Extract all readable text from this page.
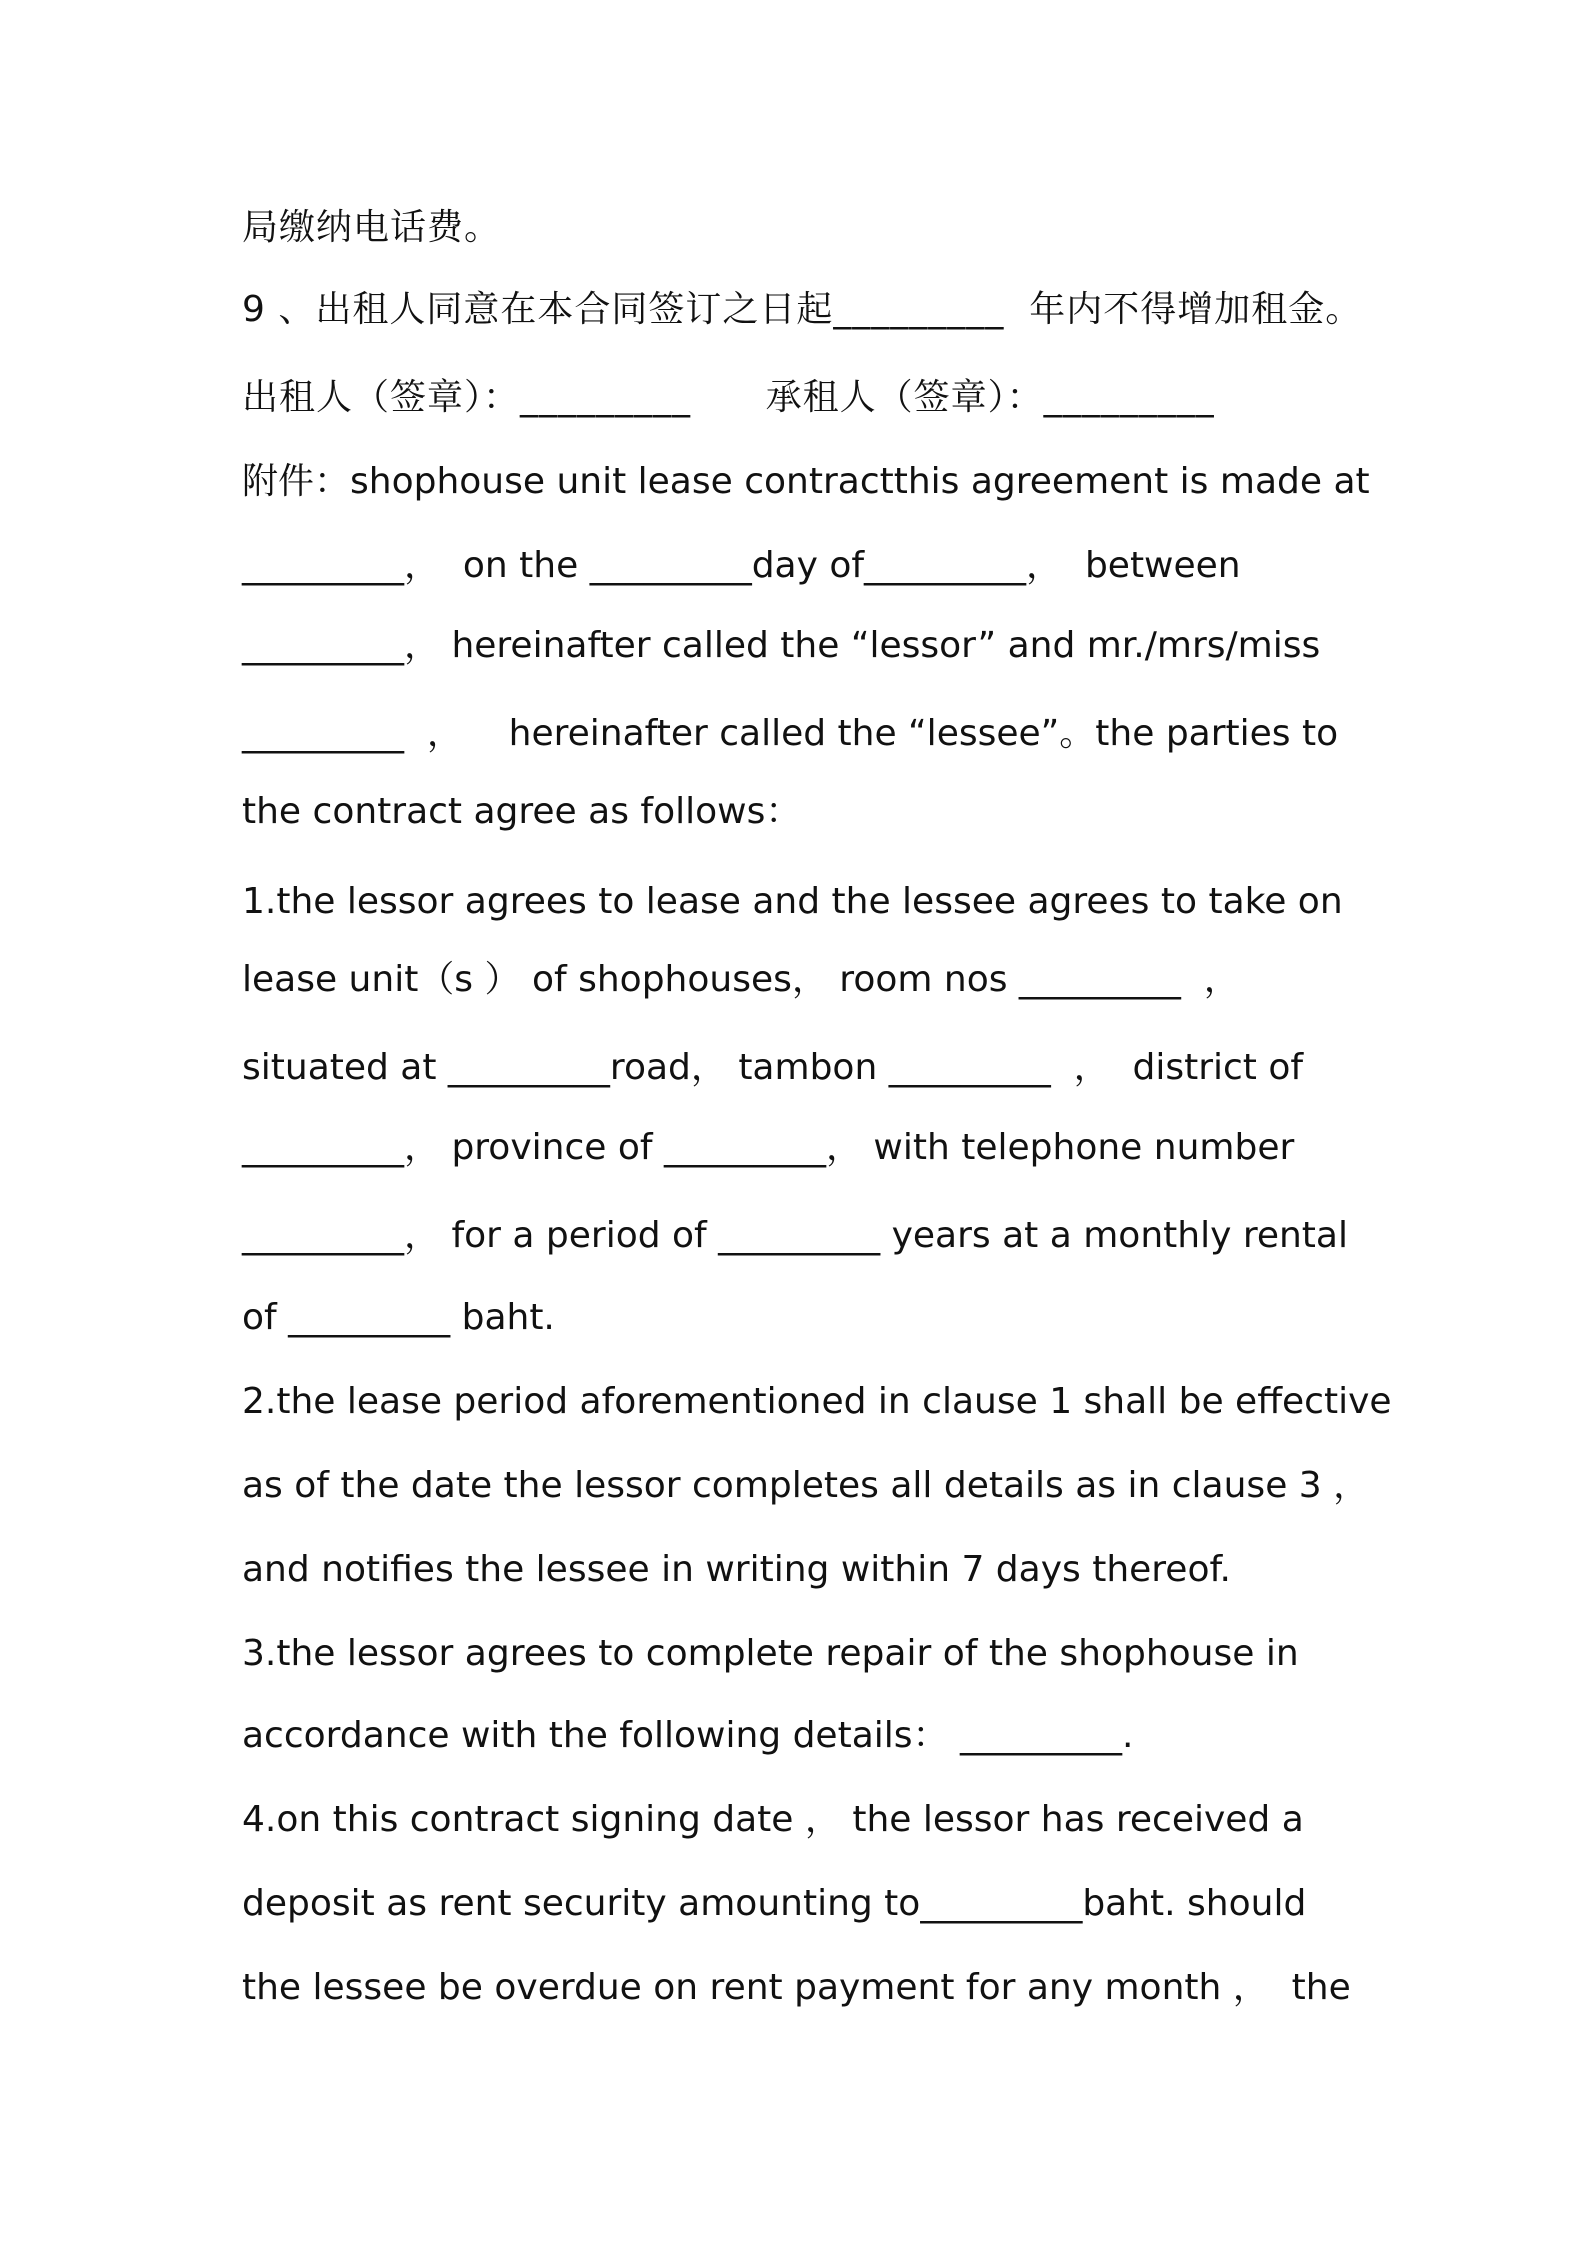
局缴纳电话费。
9 、出租人同意在本合同签订之日起_________  年内不得增加租金。
出租人（签章）：_________      承租人（签章）：_________
附件：shophouse unit lease contractthis agreement is made at
_________，  on the _________day of_________，  between
_________， hereinafter called the “lessor” and mr./mrs/miss
_________  ，    hereinafter called the “lessee”。the parties to
the contract agree as follows：
1.the lessor agrees to lease and the lessee agrees to take on
lease unit（s ） of shophouses， room nos _________  ，
situated at _________road， tambon _________  ，  district of
_________， province of _________， with telephone number
_________， for a period of _________ years at a monthly rental
of _________ baht.
2.the lease period aforementioned in clause 1 shall be effective
as of the date the lessor completes all details as in clause 3 ，
and notifies the lessee in writing within 7 days thereof.
3.the lessor agrees to complete repair of the shophouse in
accordance with the following details： _________.
4.on this contract signing date ， the lessor has received a
deposit as rent security amounting to_________baht. should
the lessee be overdue on rent payment for any month ，  the
